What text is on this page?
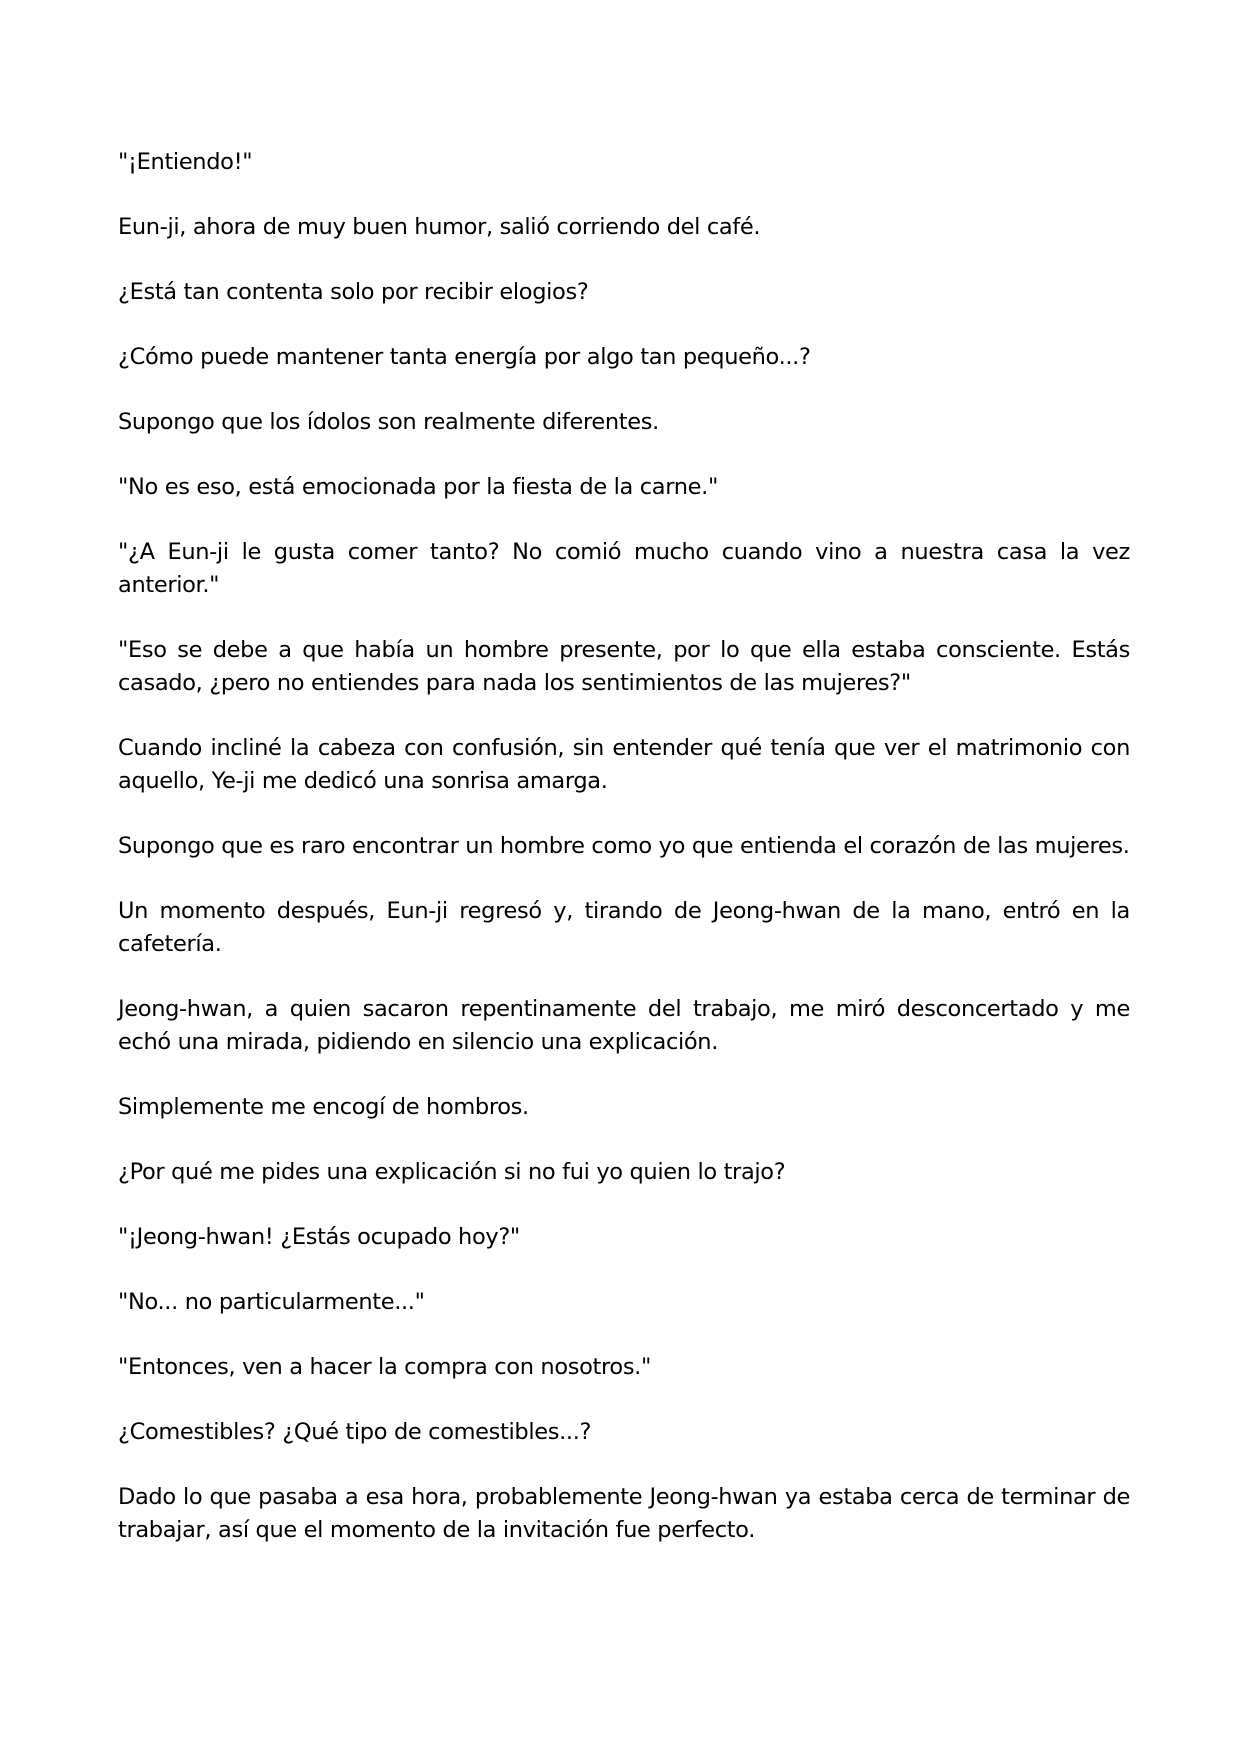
"¡Entiendo!"

Eun-ji, ahora de muy buen humor, salió corriendo del café.

¿Está tan contenta solo por recibir elogios?

¿Cómo puede mantener tanta energía por algo tan pequeño...?

Supongo que los ídolos son realmente diferentes.

"No es eso, está emocionada por la fiesta de la carne."

"¿A Eun-ji le gusta comer tanto? No comió mucho cuando vino a nuestra casa la vez anterior."

"Eso se debe a que había un hombre presente, por lo que ella estaba consciente. Estás casado, ¿pero no entiendes para nada los sentimientos de las mujeres?"

Cuando incliné la cabeza con confusión, sin entender qué tenía que ver el matrimonio con aquello, Ye-ji me dedicó una sonrisa amarga.

Supongo que es raro encontrar un hombre como yo que entienda el corazón de las mujeres.

Un momento después, Eun-ji regresó y, tirando de Jeong-hwan de la mano, entró en la cafetería.

Jeong-hwan, a quien sacaron repentinamente del trabajo, me miró desconcertado y me echó una mirada, pidiendo en silencio una explicación.

Simplemente me encogí de hombros.

¿Por qué me pides una explicación si no fui yo quien lo trajo?

"¡Jeong-hwan! ¿Estás ocupado hoy?"

"No... no particularmente..."

"Entonces, ven a hacer la compra con nosotros."

¿Comestibles? ¿Qué tipo de comestibles...?

Dado lo que pasaba a esa hora, probablemente Jeong-hwan ya estaba cerca de terminar de trabajar, así que el momento de la invitación fue perfecto.
